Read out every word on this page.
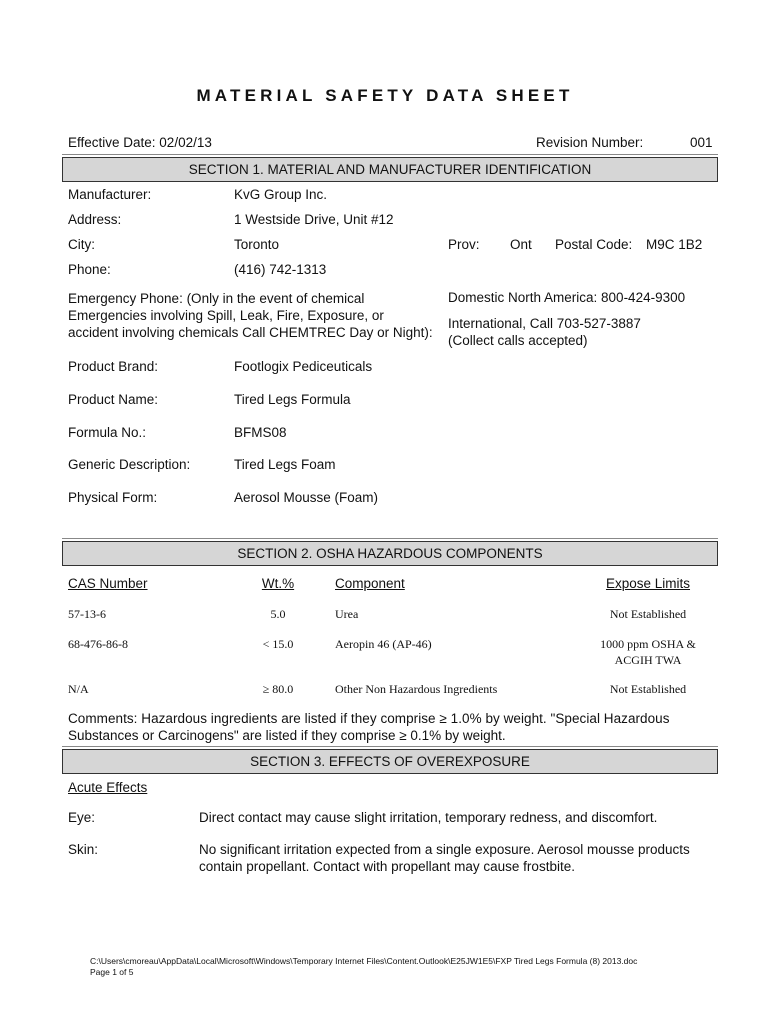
MATERIAL SAFETY DATA SHEET
Effective Date: 02/02/13	Revision Number:	001
SECTION 1. MATERIAL AND MANUFACTURER IDENTIFICATION
Manufacturer:	KvG Group Inc.
Address:	1 Westside Drive, Unit #12
City:	Toronto	Prov: Ont Postal Code: M9C 1B2
Phone:	(416) 742-1313
Emergency Phone: (Only in the event of chemical
Emergencies involving Spill, Leak, Fire, Exposure, or
accident involving chemicals Call CHEMTREC Day or Night):
Domestic North America: 800-424-9300
International, Call 703-527-3887
(Collect calls accepted)
Product Brand:	Footlogix Pediceuticals
Product Name:	Tired Legs Formula
Formula No.:	BFMS08
Generic Description:	Tired Legs Foam
Physical Form:	Aerosol Mousse (Foam)
SECTION 2. OSHA HAZARDOUS COMPONENTS
CAS Number	Wt.%	Component	Expose Limits
57-13-6	5.0	Urea	Not Established
68-476-86-8	< 15.0	Aeropin 46 (AP-46)	1000 ppm OSHA &
ACGIH TWA
N/A	≥ 80.0	Other Non Hazardous Ingredients	Not Established
Comments: Hazardous ingredients are listed if they comprise ≥ 1.0% by weight. "Special Hazardous
Substances or Carcinogens" are listed if they comprise ≥ 0.1% by weight.
SECTION 3. EFFECTS OF OVEREXPOSURE
Acute Effects
Eye:	Direct contact may cause slight irritation, temporary redness, and discomfort.
Skin:	No significant irritation expected from a single exposure. Aerosol mousse products
contain propellant. Contact with propellant may cause frostbite.
C:\Users\cmoreau\AppData\Local\Microsoft\Windows\Temporary Internet Files\Content.Outlook\E25JW1E5\FXP Tired Legs Formula (8) 2013.doc
Page 1 of 5
